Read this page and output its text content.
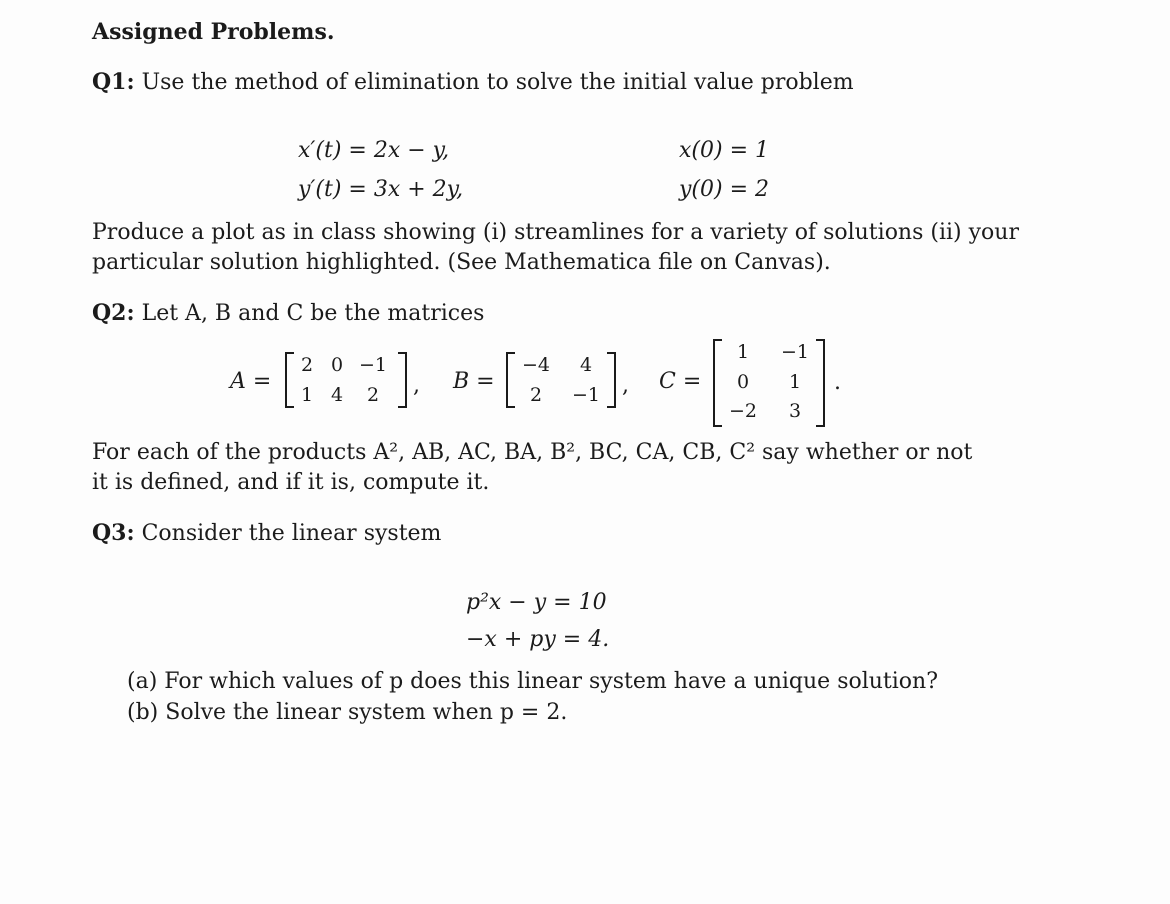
Assigned Problems.
Q1: Use the method of elimination to solve the initial value problem
x′(t) = 2x − y,	x(0) = 1
y′(t) = 3x + 2y,	y(0) = 2
Produce a plot as in class showing (i) streamlines for a variety of solutions (ii) your
particular solution highlighted. (See Mathematica file on Canvas).
Q2: Let A, B and C be the matrices
A =
2 0 −1
1 4	2	, B =
−4	4
2	−1 , C =
1	−1
0	1
−2	3
.
For each of the products A², AB, AC, BA, B², BC, CA, CB, C² say whether or not
it is defined, and if it is, compute it.
Q3: Consider the linear system
p²x − y = 10
−x + py = 4.
(a) For which values of p does this linear system have a unique solution?
(b) Solve the linear system when p = 2.
